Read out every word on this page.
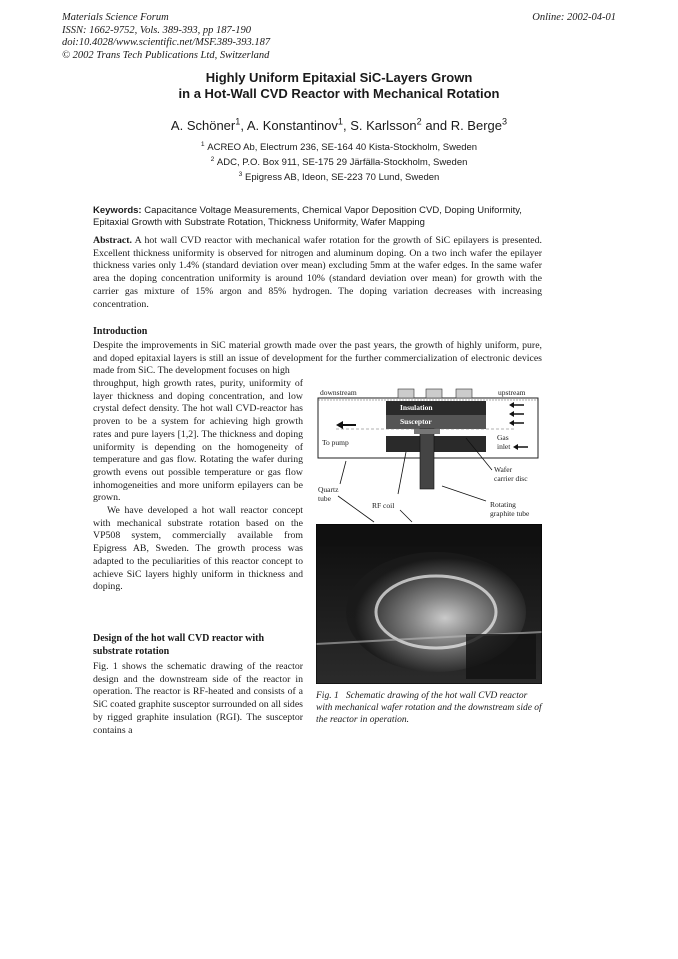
Materials Science Forum
ISSN: 1662-9752, Vols. 389-393, pp 187-190
doi:10.4028/www.scientific.net/MSF.389-393.187
© 2002 Trans Tech Publications Ltd, Switzerland
Online: 2002-04-01
Highly Uniform Epitaxial SiC-Layers Grown
in a Hot-Wall CVD Reactor with Mechanical Rotation
A. Schöner$^1$, A. Konstantinov$^1$, S. Karlsson$^2$ and R. Berge$^3$
$^1$ ACREO Ab, Electrum 236, SE-164 40 Kista-Stockholm, Sweden
$^2$ ADC, P.O. Box 911, SE-175 29 Järfälla-Stockholm, Sweden
$^3$ Epigress AB, Ideon, SE-223 70 Lund, Sweden
Keywords: Capacitance Voltage Measurements, Chemical Vapor Deposition CVD, Doping Uniformity, Epitaxial Growth with Substrate Rotation, Thickness Uniformity, Wafer Mapping
Abstract. A hot wall CVD reactor with mechanical wafer rotation for the growth of SiC epilayers is presented. Excellent thickness uniformity is observed for nitrogen and aluminum doping. On a two inch wafer the epilayer thickness varies only 1.4% (standard deviation over mean) excluding 5mm at the wafer edges. In the same wafer area the doping concentration uniformity is around 10% (standard deviation over mean) for growth with the carrier gas mixture of 15% argon and 85% hydrogen. The doping variation decreases with increasing concentration.
Introduction
Despite the improvements in SiC material growth made over the past years, the growth of highly uniform, pure, and doped epitaxial layers is still an issue of development for the further commercialization of electronic devices made from SiC. The development focuses on high

throughput, high growth rates, purity, uniformity of layer thickness and doping concentration, and low crystal defect density. The hot wall CVD-reactor has proven to be a system for achieving high growth rates and pure layers [1,2]. The thickness and doping uniformity is depending on the homogeneity of temperature and gas flow. Rotating the wafer during growth evens out possible temperature or gas flow inhomogeneities and more uniform epilayers can be grown.

We have developed a hot wall reactor concept with mechanical substrate rotation based on the VP508 system, commercially available from Epigress AB, Sweden. The growth process was adapted to the peculiarities of this reactor concept to achieve SiC layers highly uniform in thickness and doping.

Design of the hot wall CVD reactor with substrate rotation
Fig. 1 shows the schematic drawing of the reactor design and the downstream side of the reactor in operation. The reactor is RF-heated and consists of a SiC coated graphite susceptor surrounded on all sides by rigged graphite insulation (RGI). The susceptor contains a
downstream	upstream
Insulation
Susceptor
To pump
Gas
inlet
Wafer
carrier disc
Quartz
tube
RF coil	Rotating
graphite tube
Fig. 1 Schematic drawing of the hot wall CVD reactor with mechanical wafer rotation and the downstream side of the reactor in operation.
